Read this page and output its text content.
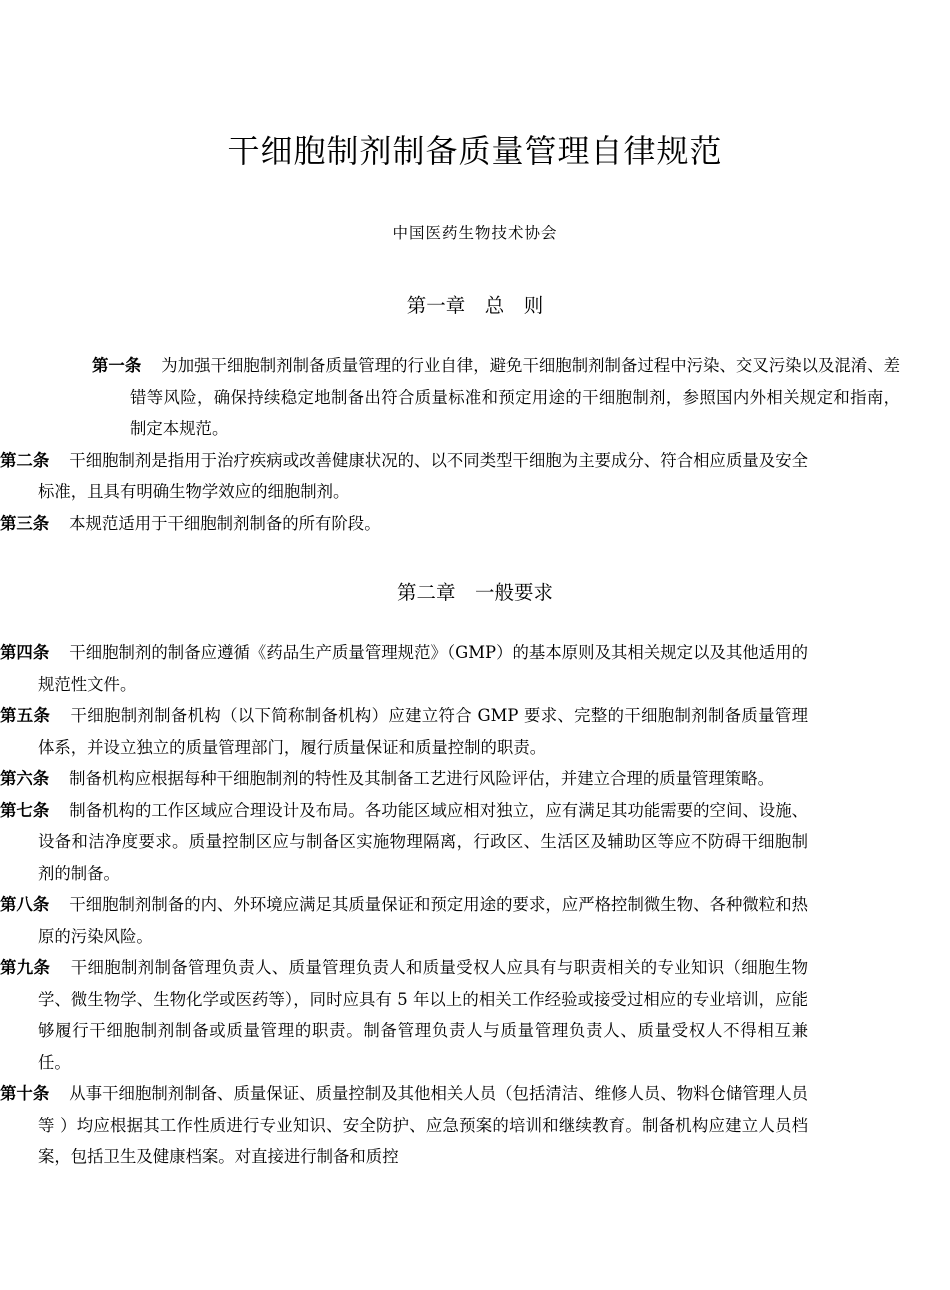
干细胞制剂制备质量管理自律规范
中国医药生物技术协会
第一章　总　则

第一条 为加强干细胞制剂制备质量管理的行业自律，避免干细胞制剂制备过程中污染、交叉污染以及混淆、差错等风险，确保持续稳定地制备出符合质量标准和预定用途的干细胞制剂，参照国内外相关规定和指南，制定本规范。

第二条 干细胞制剂是指用于治疗疾病或改善健康状况的、以不同类型干细胞为主要成分、符合相应质量及安全标准，且具有明确生物学效应的细胞制剂。

第三条 本规范适用于干细胞制剂制备的所有阶段。

第二章　一般要求

第四条 干细胞制剂的制备应遵循《药品生产质量管理规范》（GMP）的基本原则及其相关规定以及其他适用的规范性文件。

第五条 干细胞制剂制备机构（以下简称制备机构）应建立符合 GMP 要求、完整的干细胞制剂制备质量管理体系，并设立独立的质量管理部门，履行质量保证和质量控制的职责。

第六条 制备机构应根据每种干细胞制剂的特性及其制备工艺进行风险评估，并建立合理的质量管理策略。

第七条 制备机构的工作区域应合理设计及布局。各功能区域应相对独立，应有满足其功能需要的空间、设施、设备和洁净度要求。质量控制区应与制备区实施物理隔离，行政区、生活区及辅助区等应不防碍干细胞制剂的制备。

第八条 干细胞制剂制备的内、外环境应满足其质量保证和预定用途的要求，应严格控制微生物、各种微粒和热原的污染风险。

第九条 干细胞制剂制备管理负责人、质量管理负责人和质量受权人应具有与职责相关的专业知识（细胞生物学、微生物学、生物化学或医药等），同时应具有 5 年以上的相关工作经验或接受过相应的专业培训，应能够履行干细胞制剂制备或质量管理的职责。制备管理负责人与质量管理负责人、质量受权人不得相互兼任。

第十条 从事干细胞制剂制备、质量保证、质量控制及其他相关人员（包括清洁、维修人员、物料仓储管理人员等 ）均应根据其工作性质进行专业知识、安全防护、应急预案的培训和继续教育。制备机构应建立人员档案，包括卫生及健康档案。对直接进行制备和质控
